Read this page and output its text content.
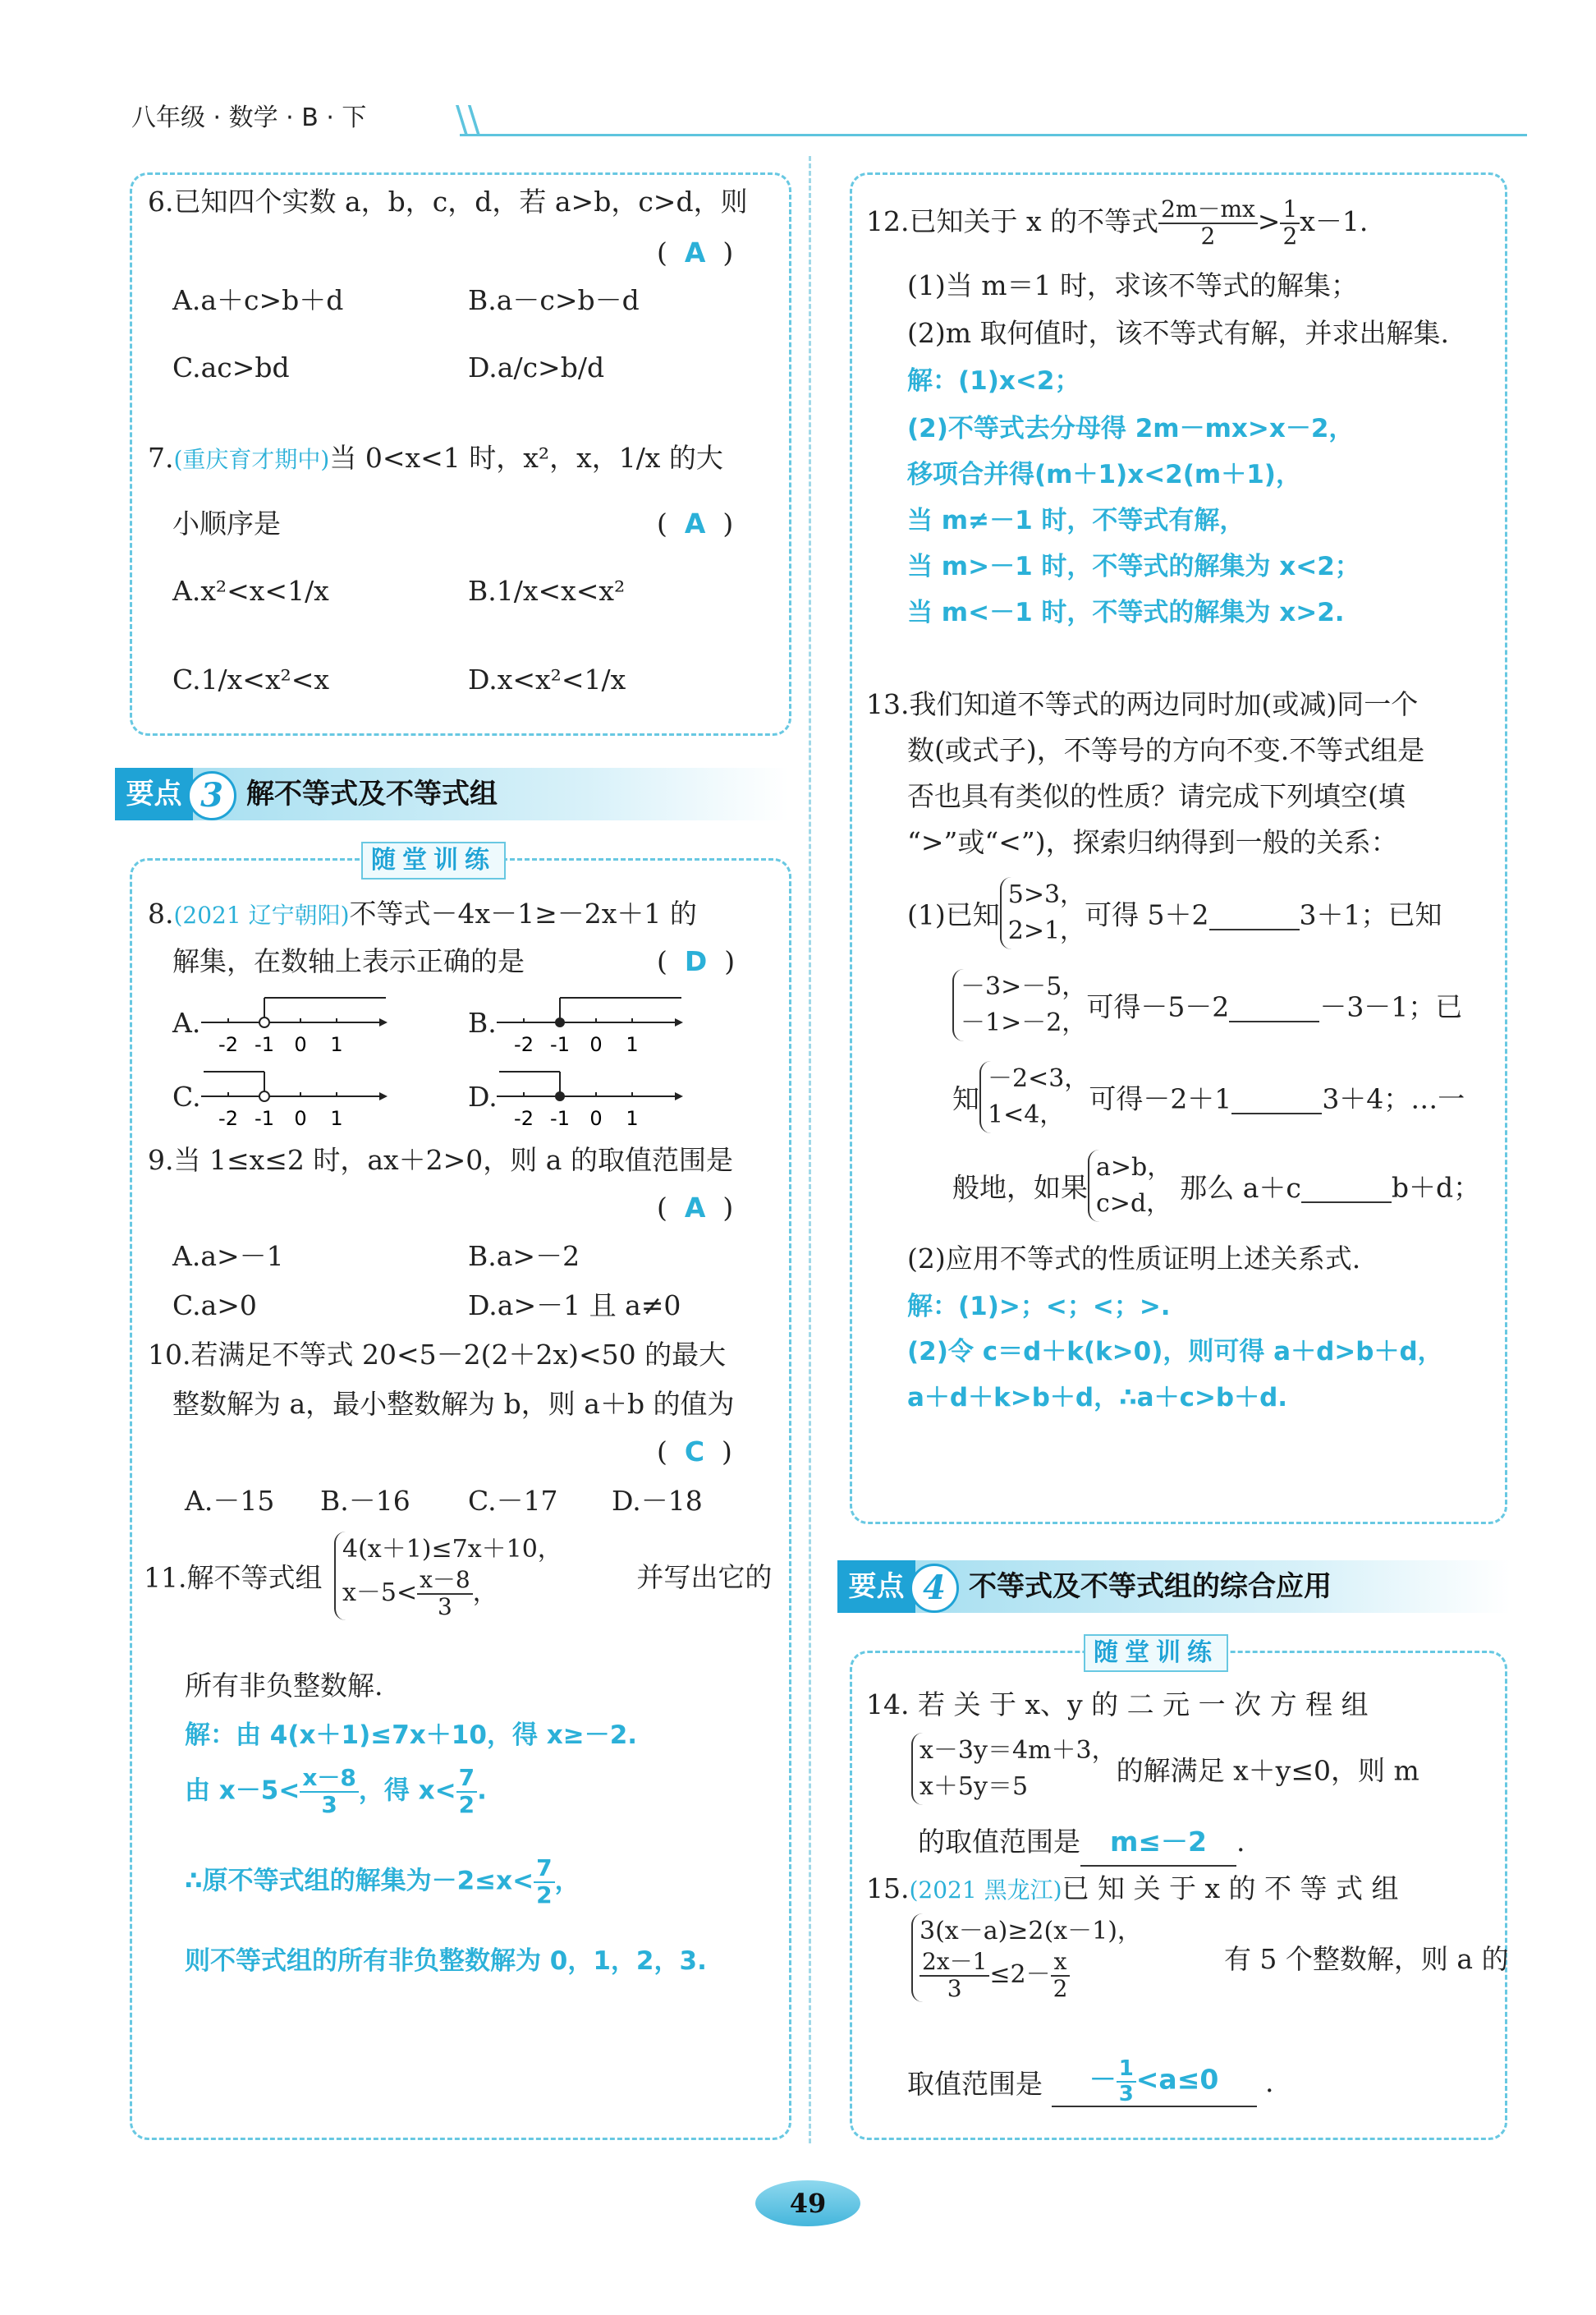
八年级 · 数学 · B · 下 \\
6.已知四个实数 a，b，c，d，若 a>b，c>d，则
(  A  )
A.a＋c>b＋d	B.a－c>b－d
C.ac>bd	D.a/c>b/d
7.(重庆育才期中)当 0<x<1 时，x²，x，1/x 的大
小顺序是	(  A  )
A.x²<x<1/x	B.1/x<x<x²
C.1/x<x²<x	D.x<x²<1/x
要点 3 解不等式及不等式组
随堂训练
8.(2021 辽宁朝阳)不等式－4x－1≥－2x＋1 的
解集，在数轴上表示正确的是	(  D  )
A.
-2 -1 0 1
B.
-2 -1 0 1
C.
-2 -1 0 1
D.
-2 -1 0 1
9.当 1≤x≤2 时，ax＋2>0，则 a 的取值范围是
(  A  )
A.a>－1	B.a>－2
C.a>0	D.a>－1 且 a≠0
10.若满足不等式 20<5－2(2＋2x)<50 的最大
整数解为 a，最小整数解为 b，则 a＋b 的值为
(  C  )
A.－15 B.－16 C.－17 D.－18
11.解不等式组 4(x＋1)≤7x＋10，
$x-5< \frac{x-8}{3}$ ，	并写出它的
所有非负整数解.
解：由 4(x＋1)≤7x＋10，得 x≥－2.
由 $x-5< \frac{x-8}{3}$ ，得 $x< \frac{7}{2}$ .
∴原不等式组的解集为$-2\le x< \frac{7}{2}$ ，
则不等式组的所有非负整数解为 0，1，2，3.
12.已知关于 x 的不等式 $\frac{2m-mx}{2} > \frac{1}{2} x-1$.
(1)当 m＝1 时，求该不等式的解集；
(2)m 取何值时，该不等式有解，并求出解集.
解：(1)x<2；
(2)不等式去分母得 2m－mx>x－2，
移项合并得(m＋1)x<2(m＋1)，
当 m≠－1 时，不等式有解，
当 m>－1 时，不等式的解集为 x<2；
当 m<－1 时，不等式的解集为 x>2.
13.我们知道不等式的两边同时加(或减)同一个
数(或式子)，不等号的方向不变.不等式组是
否也具有类似的性质？请完成下列填空(填
“>”或“<”)，探索归纳得到一般的关系：
(1)已知5>3，
2>1，可得 5＋2	3＋1；已知
－3>－5，
－1>－2，可得－5－2	－3－1；已
知－2<3，
1<4， 可得－2＋1	3＋4；…一
般地，如果a>b，
c>d， 那么 a＋c	b＋d；
(2)应用不等式的性质证明上述关系式.
解：(1)>；<；<；>.
(2)令 c＝d＋k(k>0)，则可得 a＋d>b＋d，
a＋d＋k>b＋d，∴a＋c>b＋d.
要点 4 不等式及不等式组的综合应用
随堂训练
14. 若 关 于 x、y 的 二 元 一 次 方 程 组
x－3y＝4m＋3，
x＋5y＝5	的解满足 x＋y≤0，则 m
的取值范围是 m≤－2 .
15.(2021 黑龙江)已 知 关 于 x 的 不 等 式 组
3(x－a)≥2(x－1)，

$\frac{2x-1}{3} \le 2- \frac{x}{2}$	有 5 个整数解，则 a 的
取值范围是 － $\frac{1}{3} <a\le 0$ .
49
